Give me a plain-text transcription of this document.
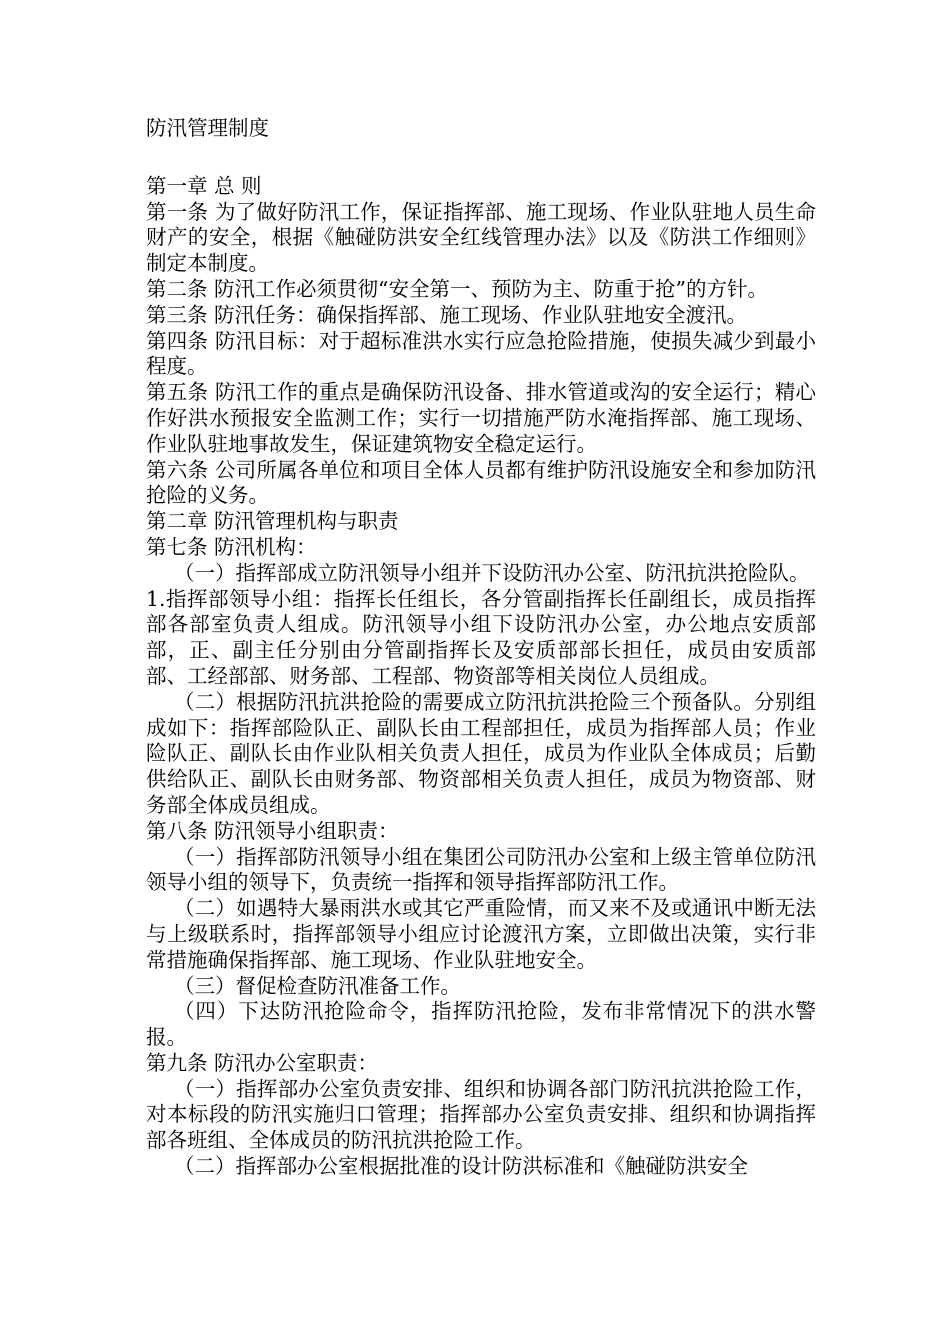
防汛管理制度

第一章 总 则

第一条 为了做好防汛工作，保证指挥部、施工现场、作业队驻地人员生命财产的安全，根据《触碰防洪安全红线管理办法》以及《防洪工作细则》制定本制度。

第二条 防汛工作必须贯彻“安全第一、预防为主、防重于抢”的方针。

第三条 防汛任务：确保指挥部、施工现场、作业队驻地安全渡汛。

第四条 防汛目标：对于超标准洪水实行应急抢险措施，使损失减少到最小程度。

第五条 防汛工作的重点是确保防汛设备、排水管道或沟的安全运行；精心作好洪水预报安全监测工作；实行一切措施严防水淹指挥部、施工现场、作业队驻地事故发生，保证建筑物安全稳定运行。

第六条 公司所属各单位和项目全体人员都有维护防汛设施安全和参加防汛抢险的义务。

第二章 防汛管理机构与职责

第七条 防汛机构：

（一）指挥部成立防汛领导小组并下设防汛办公室、防汛抗洪抢险队。

1.指挥部领导小组：指挥长任组长，各分管副指挥长任副组长，成员指挥部各部室负责人组成。防汛领导小组下设防汛办公室，办公地点安质部部，正、副主任分别由分管副指挥长及安质部部长担任，成员由安质部部、工经部部、财务部、工程部、物资部等相关岗位人员组成。

（二）根据防汛抗洪抢险的需要成立防汛抗洪抢险三个预备队。分别组成如下：指挥部险队正、副队长由工程部担任，成员为指挥部人员；作业险队正、副队长由作业队相关负责人担任，成员为作业队全体成员；后勤供给队正、副队长由财务部、物资部相关负责人担任，成员为物资部、财务部全体成员组成。

第八条 防汛领导小组职责：

（一）指挥部防汛领导小组在集团公司防汛办公室和上级主管单位防汛领导小组的领导下，负责统一指挥和领导指挥部防汛工作。

（二）如遇特大暴雨洪水或其它严重险情，而又来不及或通讯中断无法与上级联系时，指挥部领导小组应讨论渡汛方案，立即做出决策，实行非常措施确保指挥部、施工现场、作业队驻地安全。

（三）督促检查防汛准备工作。

（四）下达防汛抢险命令，指挥防汛抢险，发布非常情况下的洪水警报。

第九条 防汛办公室职责：

（一）指挥部办公室负责安排、组织和协调各部门防汛抗洪抢险工作，对本标段的防汛实施归口管理；指挥部办公室负责安排、组织和协调指挥部各班组、全体成员的防汛抗洪抢险工作。

（二）指挥部办公室根据批准的设计防洪标准和《触碰防洪安全
